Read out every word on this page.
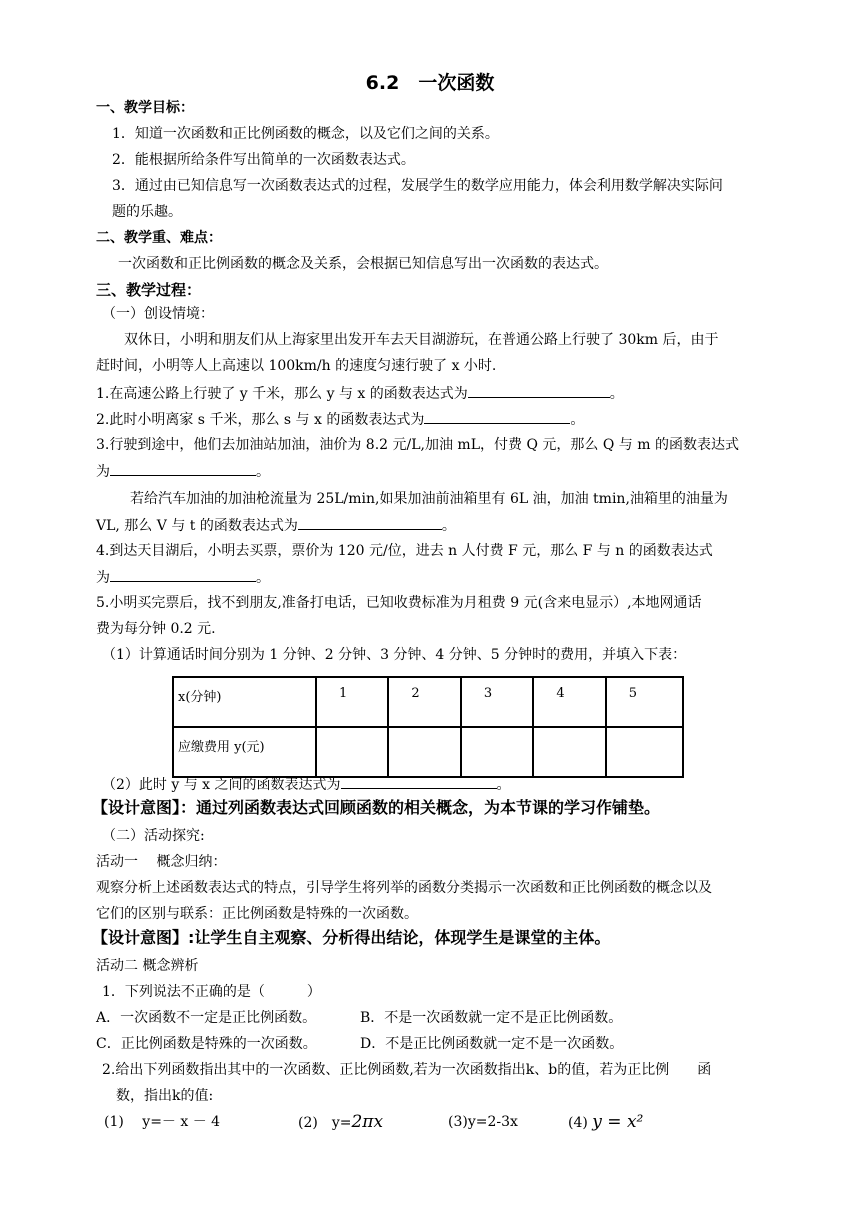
6.2　一次函数
一、教学目标：
1．知道一次函数和正比例函数的概念，以及它们之间的关系。
2．能根据所给条件写出简单的一次函数表达式。
3．通过由已知信息写一次函数表达式的过程，发展学生的数学应用能力，体会利用数学解决实际问
题的乐趣。
二、教学重、难点：
一次函数和正比例函数的概念及关系，会根据已知信息写出一次函数的表达式。
三、教学过程：
（一）创设情境：
双休日，小明和朋友们从上海家里出发开车去天目湖游玩，在普通公路上行驶了 30km 后，由于
赶时间，小明等人上高速以 100km/h 的速度匀速行驶了 x 小时.
1.在高速公路上行驶了 y 千米，那么 y 与 x 的函数表达式为	。
2.此时小明离家 s 千米，那么 s 与 x 的函数表达式为	。
3.行驶到途中，他们去加油站加油，油价为 8.2 元/L,加油 mL，付费 Q 元，那么 Q 与 m 的函数表达式
为	。
若给汽车加油的加油枪流量为 25L/min,如果加油前油箱里有 6L 油，加油 tmin,油箱里的油量为
VL, 那么 V 与 t 的函数表达式为	。
4.到达天目湖后，小明去买票，票价为 120 元/位，进去 n 人付费 F 元，那么 F 与 n 的函数表达式
为	。
5.小明买完票后，找不到朋友,准备打电话，已知收费标准为月租费 9 元(含来电显示）,本地网通话
费为每分钟 0.2 元.
（1）计算通话时间分别为 1 分钟、2 分钟、3 分钟、4 分钟、5 分钟时的费用，并填入下表：
x(分钟)	1	2	3	4	5
应缴费用 y(元)					
（2）此时 y 与 x 之间的函数表达式为	。
【设计意图】：通过列函数表达式回顾函数的相关概念，为本节课的学习作铺垫。
（二）活动探究:
活动一　 概念归纳：
观察分析上述函数表达式的特点，引导学生将列举的函数分类揭示一次函数和正比例函数的概念以及
它们的区别与联系：正比例函数是特殊的一次函数。
【设计意图】:让学生自主观察、分析得出结论，体现学生是课堂的主体。
活动二 概念辨析
1．下列说法不正确的是（　　　）
A．一次函数不一定是正比例函数。	B．不是一次函数就一定不是正比例函数。
C．正比例函数是特殊的一次函数。	D．不是正比例函数就一定不是一次函数。
2.给出下列函数指出其中的一次函数、正比例函数,若为一次函数指出k、b的值，若为正比例　　函
数，指出k的值:
(1)　 y=－ x － 4	(2)　y=2πx	(3)y=2-3x	(4) y = x²
